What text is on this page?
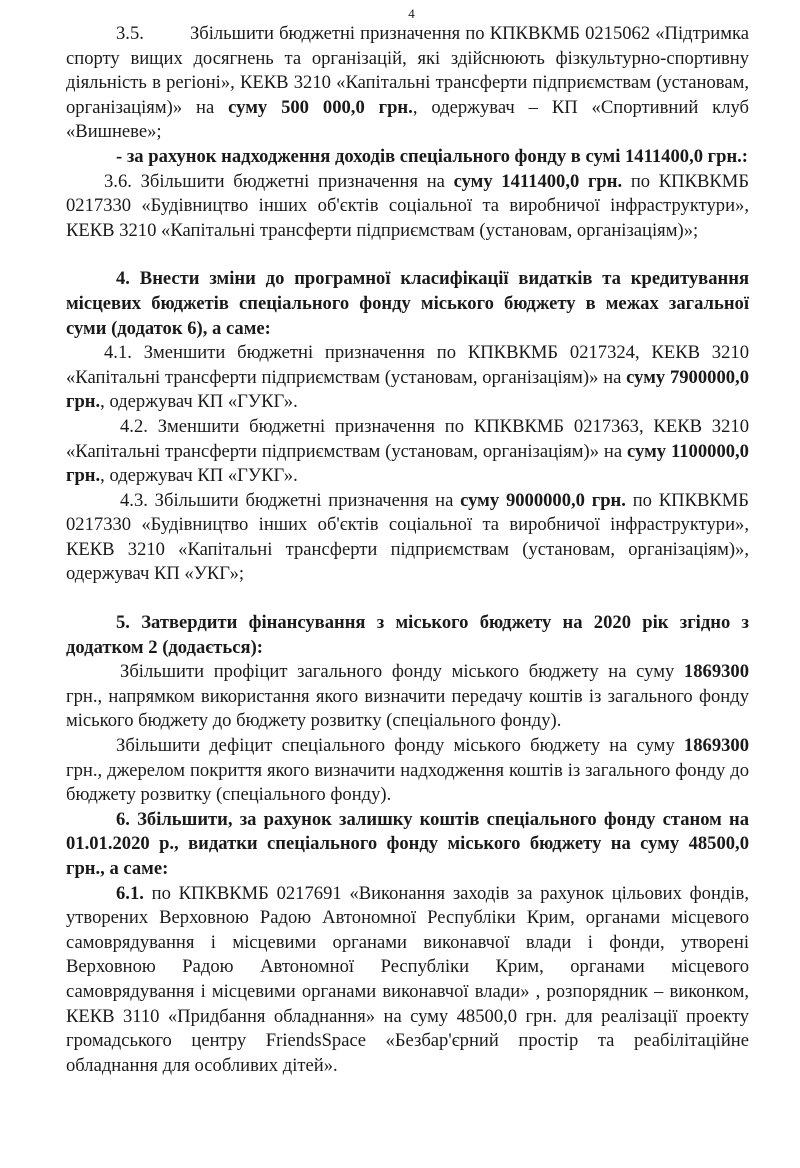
4

3.5. Збільшити бюджетні призначення по КПКВКМБ 0215062 «Підтримка спорту вищих досягнень та організацій, які здійснюють фізкультурно-спортивну діяльність в регіоні», КЕКВ 3210 «Капітальні трансферти підприємствам (установам, організаціям)» на суму 500 000,0 грн., одержувач – КП «Спортивний клуб «Вишневе»;

- за рахунок надходження доходів спеціального фонду в сумі 1411400,0 грн.:

3.6. Збільшити бюджетні призначення на суму 1411400,0 грн. по КПКВКМБ 0217330 «Будівництво інших об'єктів соціальної та виробничої інфраструктури», КЕКВ 3210 «Капітальні трансферти підприємствам (установам, організаціям)»;

4. Внести зміни до програмної класифікації видатків та кредитування місцевих бюджетів спеціального фонду міського бюджету в межах загальної суми (додаток 6), а саме:

4.1. Зменшити бюджетні призначення по КПКВКМБ 0217324, КЕКВ 3210 «Капітальні трансферти підприємствам (установам, організаціям)» на суму 7900000,0 грн., одержувач КП «ГУКГ».

4.2. Зменшити бюджетні призначення по КПКВКМБ 0217363, КЕКВ 3210 «Капітальні трансферти підприємствам (установам, організаціям)» на суму 1100000,0 грн., одержувач КП «ГУКГ».

4.3. Збільшити бюджетні призначення на суму 9000000,0 грн. по КПКВКМБ 0217330 «Будівництво інших об'єктів соціальної та виробничої інфраструктури», КЕКВ 3210 «Капітальні трансферти підприємствам (установам, організаціям)», одержувач КП «УКГ»;

5. Затвердити фінансування з міського бюджету на 2020 рік згідно з додатком 2 (додається):

Збільшити профіцит загального фонду міського бюджету на суму 1869300 грн., напрямком використання якого визначити передачу коштів із загального фонду міського бюджету до бюджету розвитку (спеціального фонду).

Збільшити дефіцит спеціального фонду міського бюджету на суму 1869300 грн., джерелом покриття якого визначити надходження коштів із загального фонду до бюджету розвитку (спеціального фонду).

6. Збільшити, за рахунок залишку коштів спеціального фонду станом на 01.01.2020 р., видатки спеціального фонду міського бюджету на суму 48500,0 грн., а саме:

6.1. по КПКВКМБ 0217691 «Виконання заходів за рахунок цільових фондів, утворених Верховною Радою Автономної Республіки Крим, органами місцевого самоврядування і місцевими органами виконавчої влади і фонди, утворені Верховною Радою Автономної Республіки Крим, органами місцевого самоврядування і місцевими органами виконавчої влади» , розпорядник – виконком, КЕКВ 3110 «Придбання обладнання» на суму 48500,0 грн. для реалізації проекту громадського центру FriendsSpace «Безбар'єрний простір та реабілітаційне обладнання для особливих дітей».
